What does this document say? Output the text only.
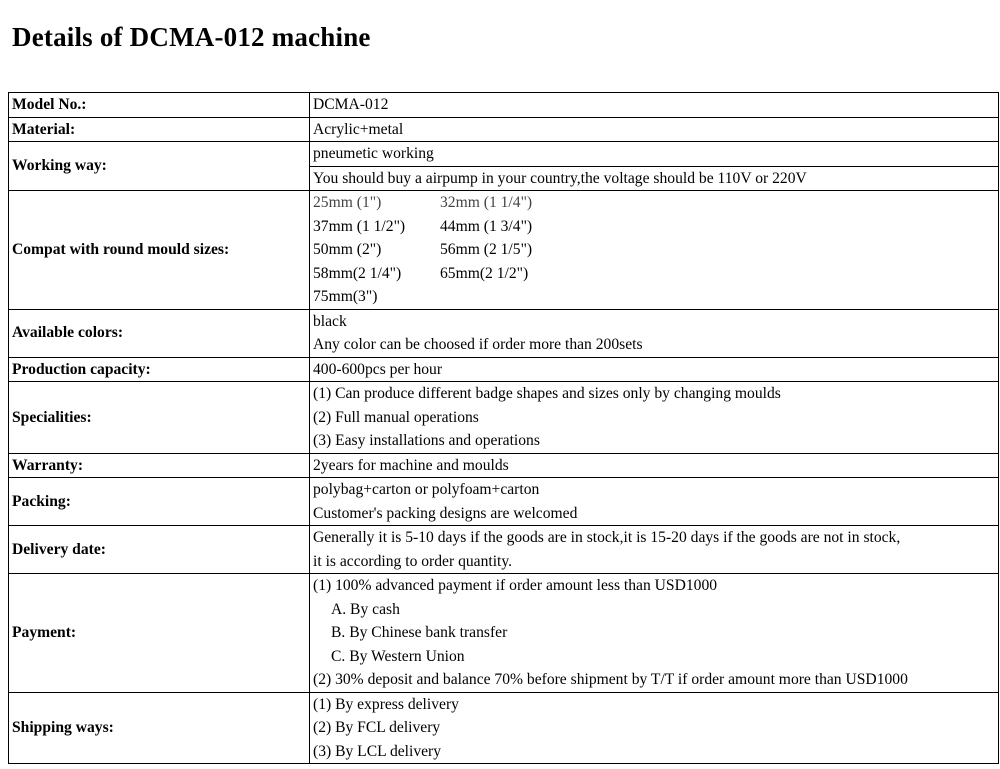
Details of DCMA-012 machine
Model No.:	DCMA-012

Material:	Acrylic+metal

Working way:	pneumetic working

	You should buy a airpump in your country,the voltage should be 110V or 220V

Compat with round mould sizes:	25mm (1") 32mm (1 1/4")
37mm (1 1/2") 44mm (1 3/4")
50mm (2") 56mm (2 1/5")
58mm(2 1/4") 65mm(2 1/2")
75mm(3")

Available colors:	black
Any color can be choosed if order more than 200sets

Production capacity:	400-600pcs per hour

Specialities:	(1) Can produce different badge shapes and sizes only by changing moulds
(2) Full manual operations
(3) Easy installations and operations

Warranty:	2years for machine and moulds

Packing:	polybag+carton or polyfoam+carton
Customer's packing designs are welcomed

Delivery date:	Generally it is 5-10 days if the goods are in stock,it is 15-20 days if the goods are not in stock,
it is according to order quantity.

Payment:	(1) 100% advanced payment if order amount less than USD1000
A. By cash
B. By Chinese bank transfer
C. By Western Union
(2) 30% deposit and balance 70% before shipment by T/T if order amount more than USD1000

Shipping ways:	(1) By express delivery
(2) By FCL delivery
(3) By LCL delivery
